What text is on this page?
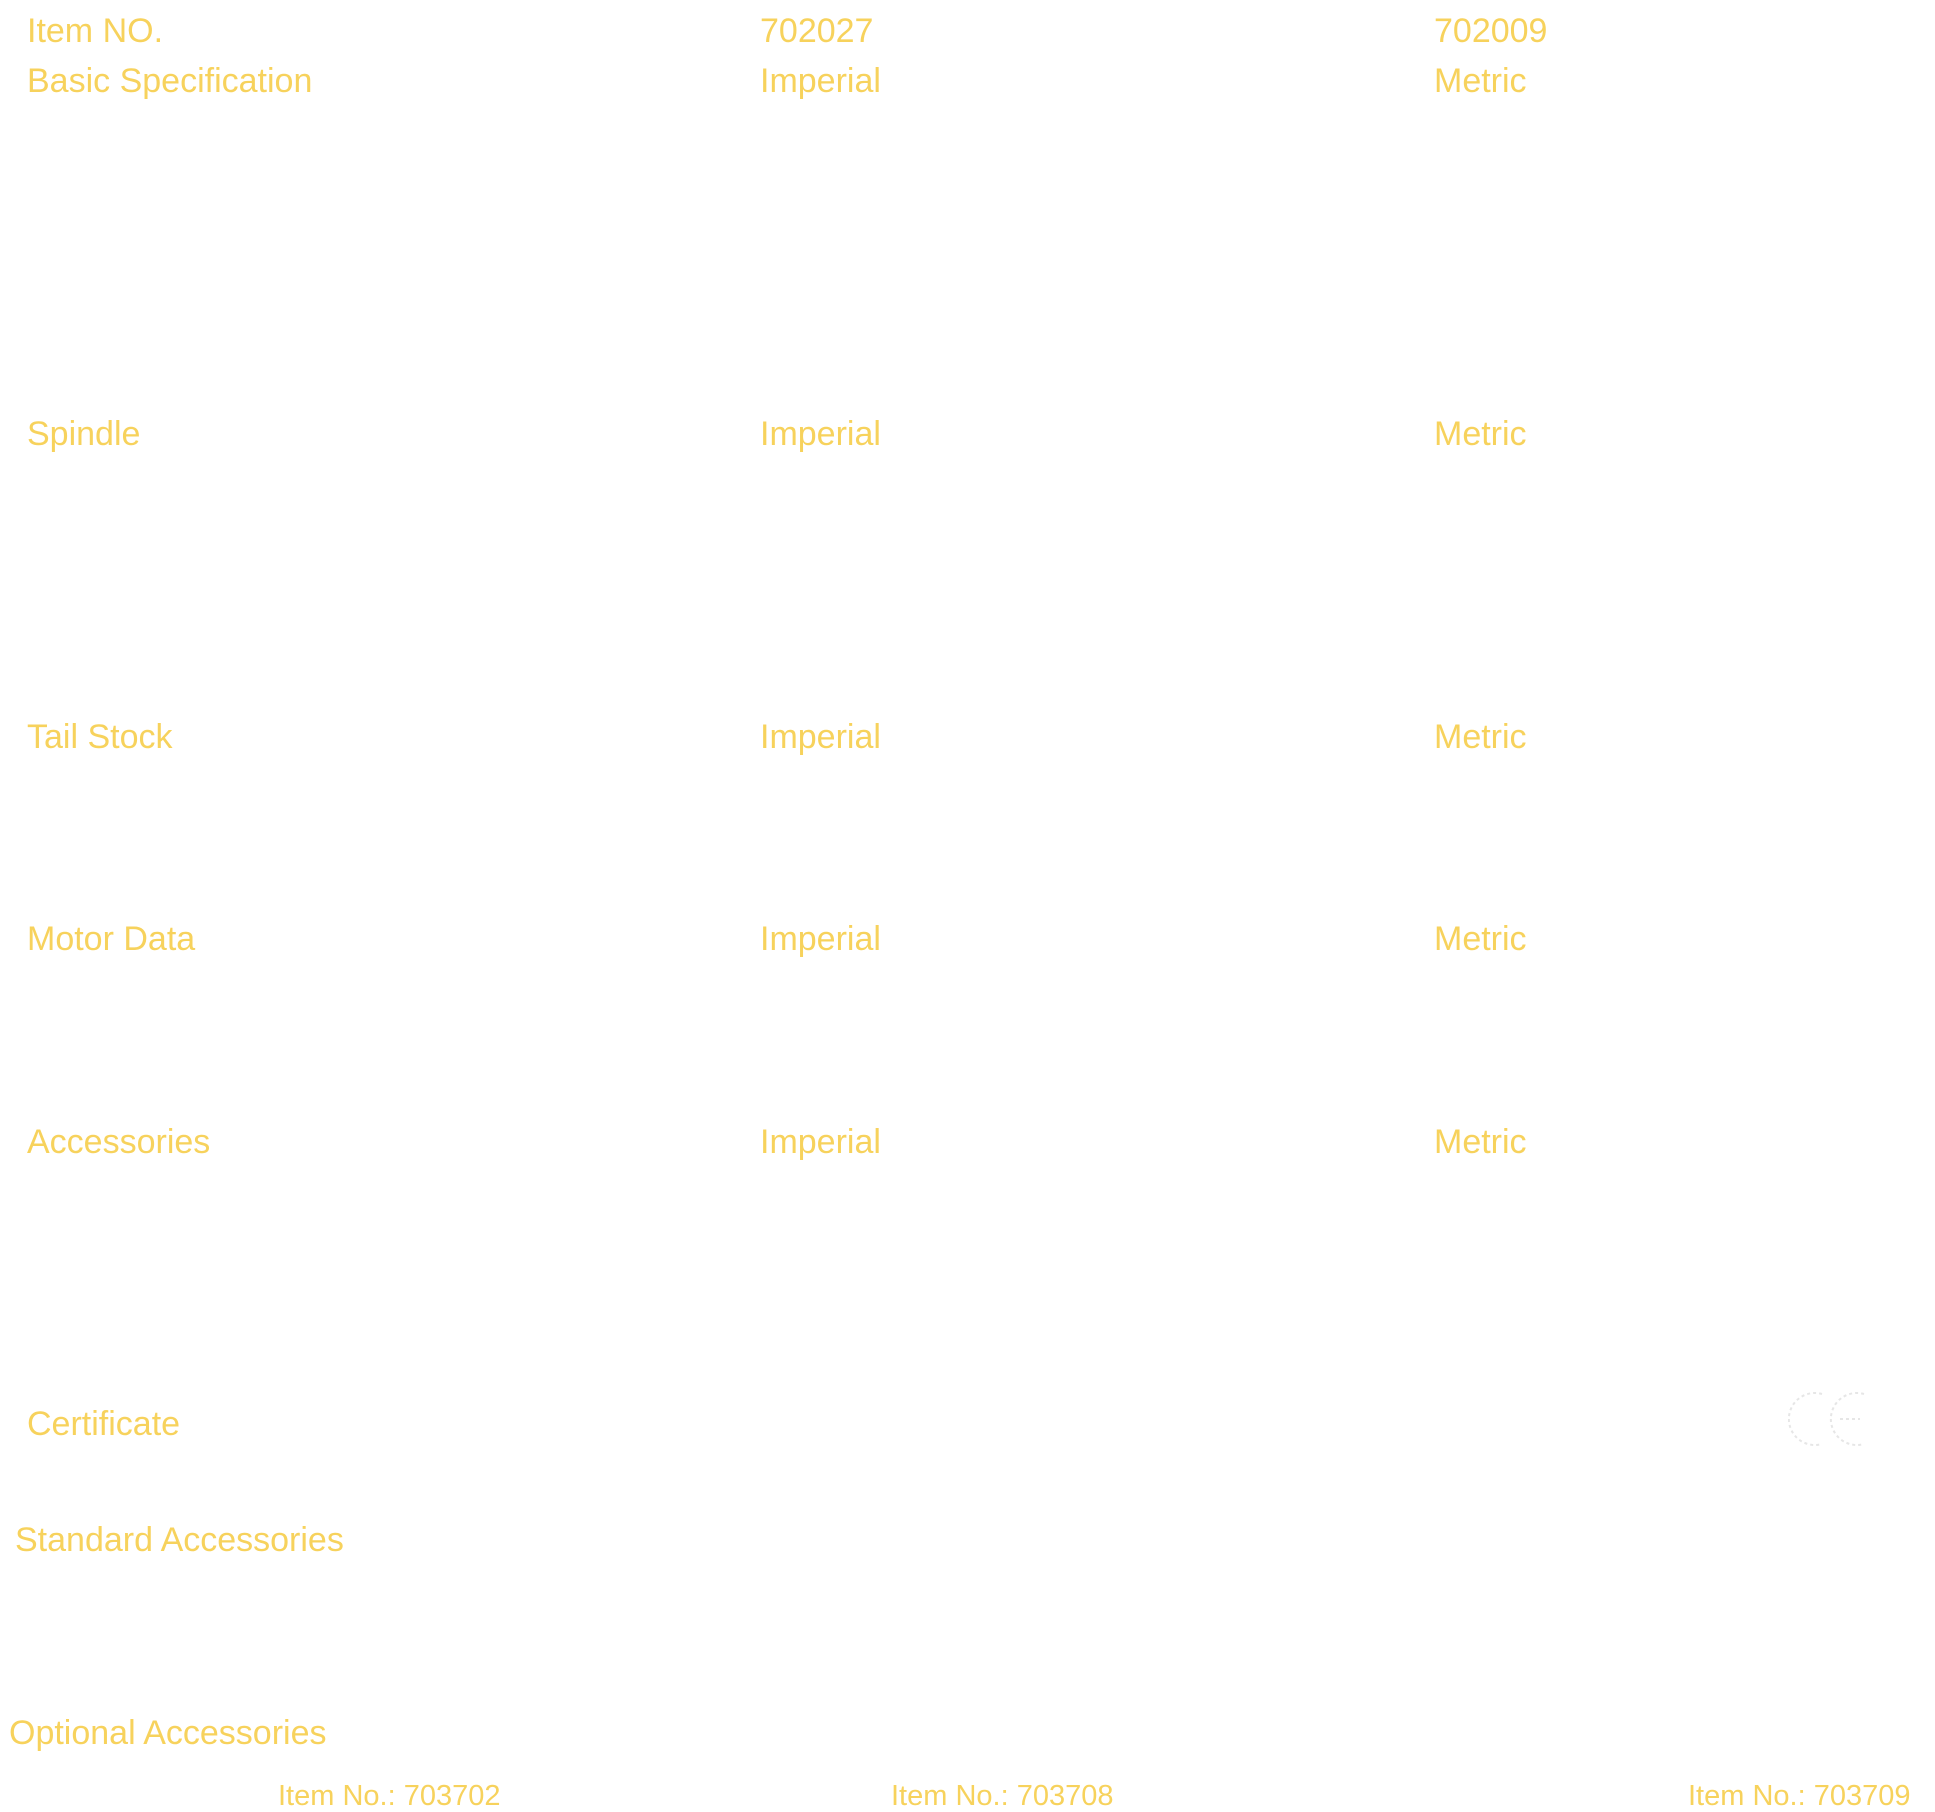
Item NO.	702027	702009
Basic Specification	Imperial	Metric
Spindle	Imperial	Metric
Tail Stock	Imperial	Metric
Motor Data	Imperial	Metric
Accessories	Imperial	Metric
Certificate
Standard Accessories
Optional Accessories
Item No.: 703702	Item No.: 703708	Item No.: 703709
